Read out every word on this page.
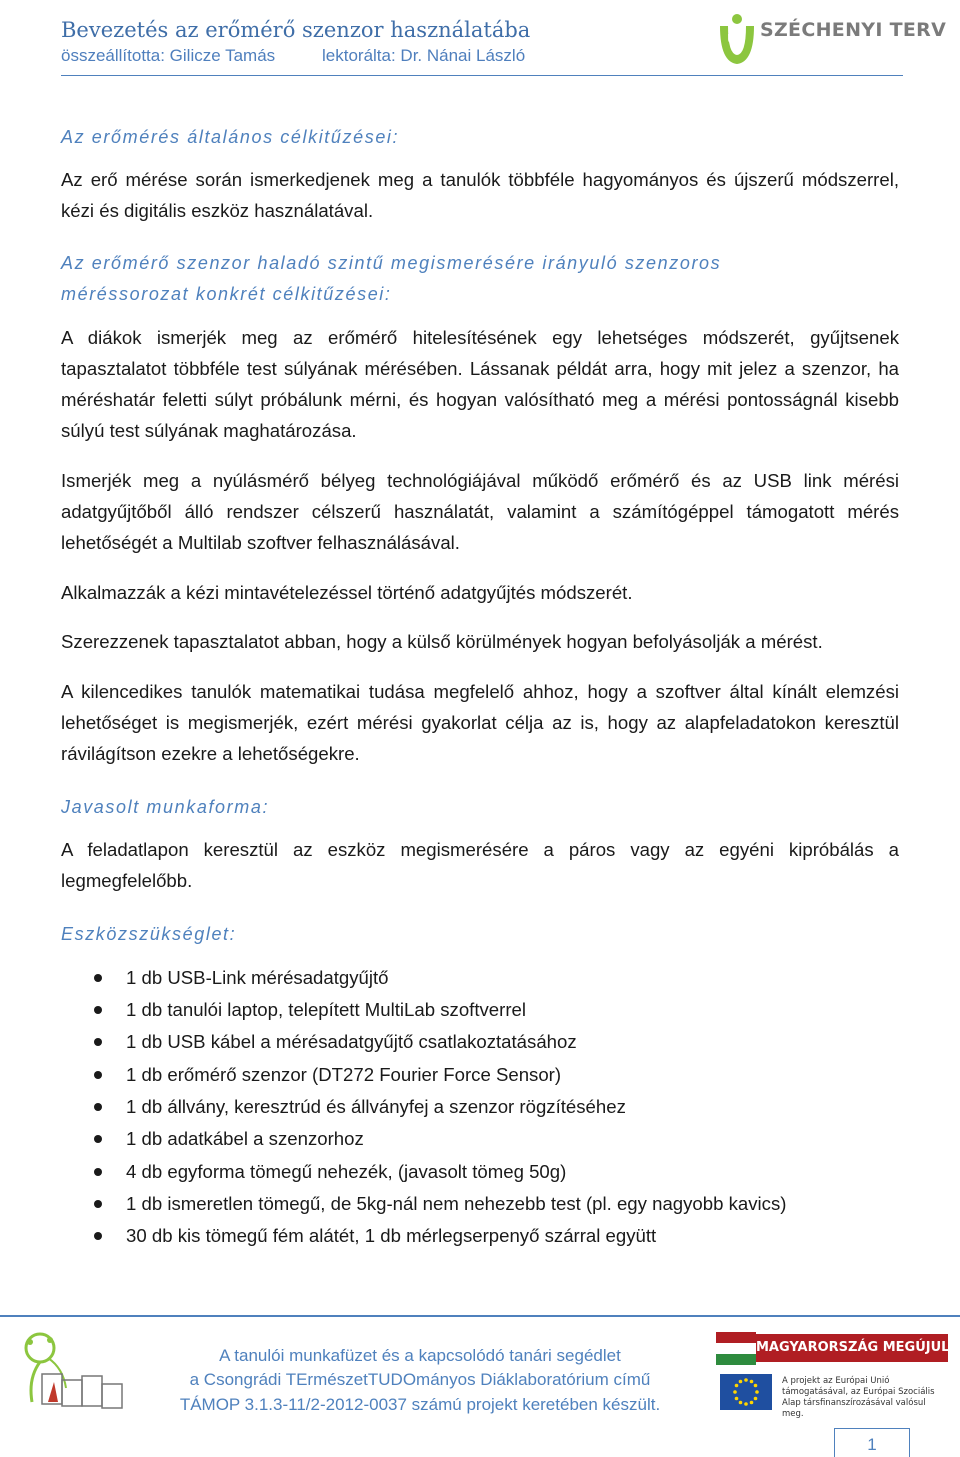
Bevezetés az erőmérő szenzor használatába
összeállította: Gilicze Tamás	lektorálta: Dr. Nánai László
ÚJ SZÉCHENYI TERV
Az erőmérés általános célkitűzései:

Az erő mérése során ismerkedjenek meg a tanulók többféle hagyományos és újszerű módszerrel, kézi és digitális eszköz használatával.

Az erőmérő szenzor haladó szintű megismerésére irányuló szenzoros
méréssorozat konkrét célkitűzései:

A diákok ismerjék meg az erőmérő hitelesítésének egy lehetséges módszerét, gyűjtsenek tapasztalatot többféle test súlyának mérésében. Lássanak példát arra, hogy mit jelez a szenzor, ha méréshatár feletti súlyt próbálunk mérni, és hogyan valósítható meg a mérési pontosságnál kisebb súlyú test súlyának maghatározása.

Ismerjék meg a nyúlásmérő bélyeg technológiájával működő erőmérő és az USB link mérési adatgyűjtőből álló rendszer célszerű használatát, valamint a számítógéppel támogatott mérés lehetőségét a Multilab szoftver felhasználásával.

Alkalmazzák a kézi mintavételezéssel történő adatgyűjtés módszerét.
Szerezzenek tapasztalatot abban, hogy a külső körülmények hogyan befolyásolják a mérést.

A kilencedikes tanulók matematikai tudása megfelelő ahhoz, hogy a szoftver által kínált elemzési lehetőséget is megismerjék, ezért mérési gyakorlat célja az is, hogy az alapfeladatokon keresztül rávilágítson ezekre a lehetőségekre.

Javasolt munkaforma:

A feladatlapon keresztül az eszköz megismerésére a páros vagy az egyéni kipróbálás a legmegfelelőbb.

Eszközszükséglet:
1 db USB-Link mérésadatgyűjtő
1 db tanulói laptop, telepített MultiLab szoftverrel
1 db USB kábel a mérésadatgyűjtő csatlakoztatásához
1 db erőmérő szenzor (DT272 Fourier Force Sensor)
1 db állvány, keresztrúd és állványfej a szenzor rögzítéséhez
1 db adatkábel a szenzorhoz
4 db egyforma tömegű nehezék, (javasolt tömeg 50g)
1 db ismeretlen tömegű, de 5kg-nál nem nehezebb test (pl. egy nagyobb kavics)
30 db kis tömegű fém alátét, 1 db mérlegserpenyő szárral együtt
A tanulói munkafüzet és a kapcsolódó tanári segédlet
a Csongrádi TErmészetTUDOmányos Diáklaboratórium című
TÁMOP 3.1.3-11/2-2012-0037 számú projekt keretében készült.
MAGYARORSZÁG MEGÚJUL
A projekt az Európai Unió támogatásával, az Európai Szociális Alap társfinanszírozásával valósul meg.
1
